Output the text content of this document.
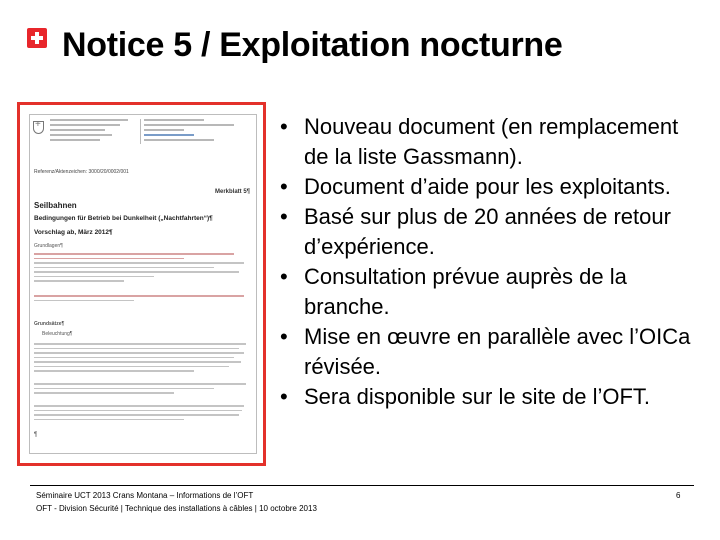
Notice 5 / Exploitation nocturne
+
Referenz/Aktenzeichen: 3000/20/0002/001
Merkblatt 5¶
Seilbahnen
Bedingungen für Betrieb bei Dunkelheit („Nachtfahrten“)¶
Vorschlag ab, März 2012¶
Grundlagen¶
Grundsätze¶
Beleuchtung¶
¶
• Nouveau document (en remplacement de la liste Gassmann).
• Document d’aide pour les exploitants.
• Basé sur plus de 20 années de retour d’expérience.
• Consultation prévue auprès de la branche.
• Mise en œuvre en parallèle avec l’OICa révisée.
• Sera disponible sur le site de l’OFT.
Séminaire UCT 2013 Crans Montana – Informations de l’OFT
OFT - Division Sécurité | Technique des installations à câbles | 10 octobre 2013
6
